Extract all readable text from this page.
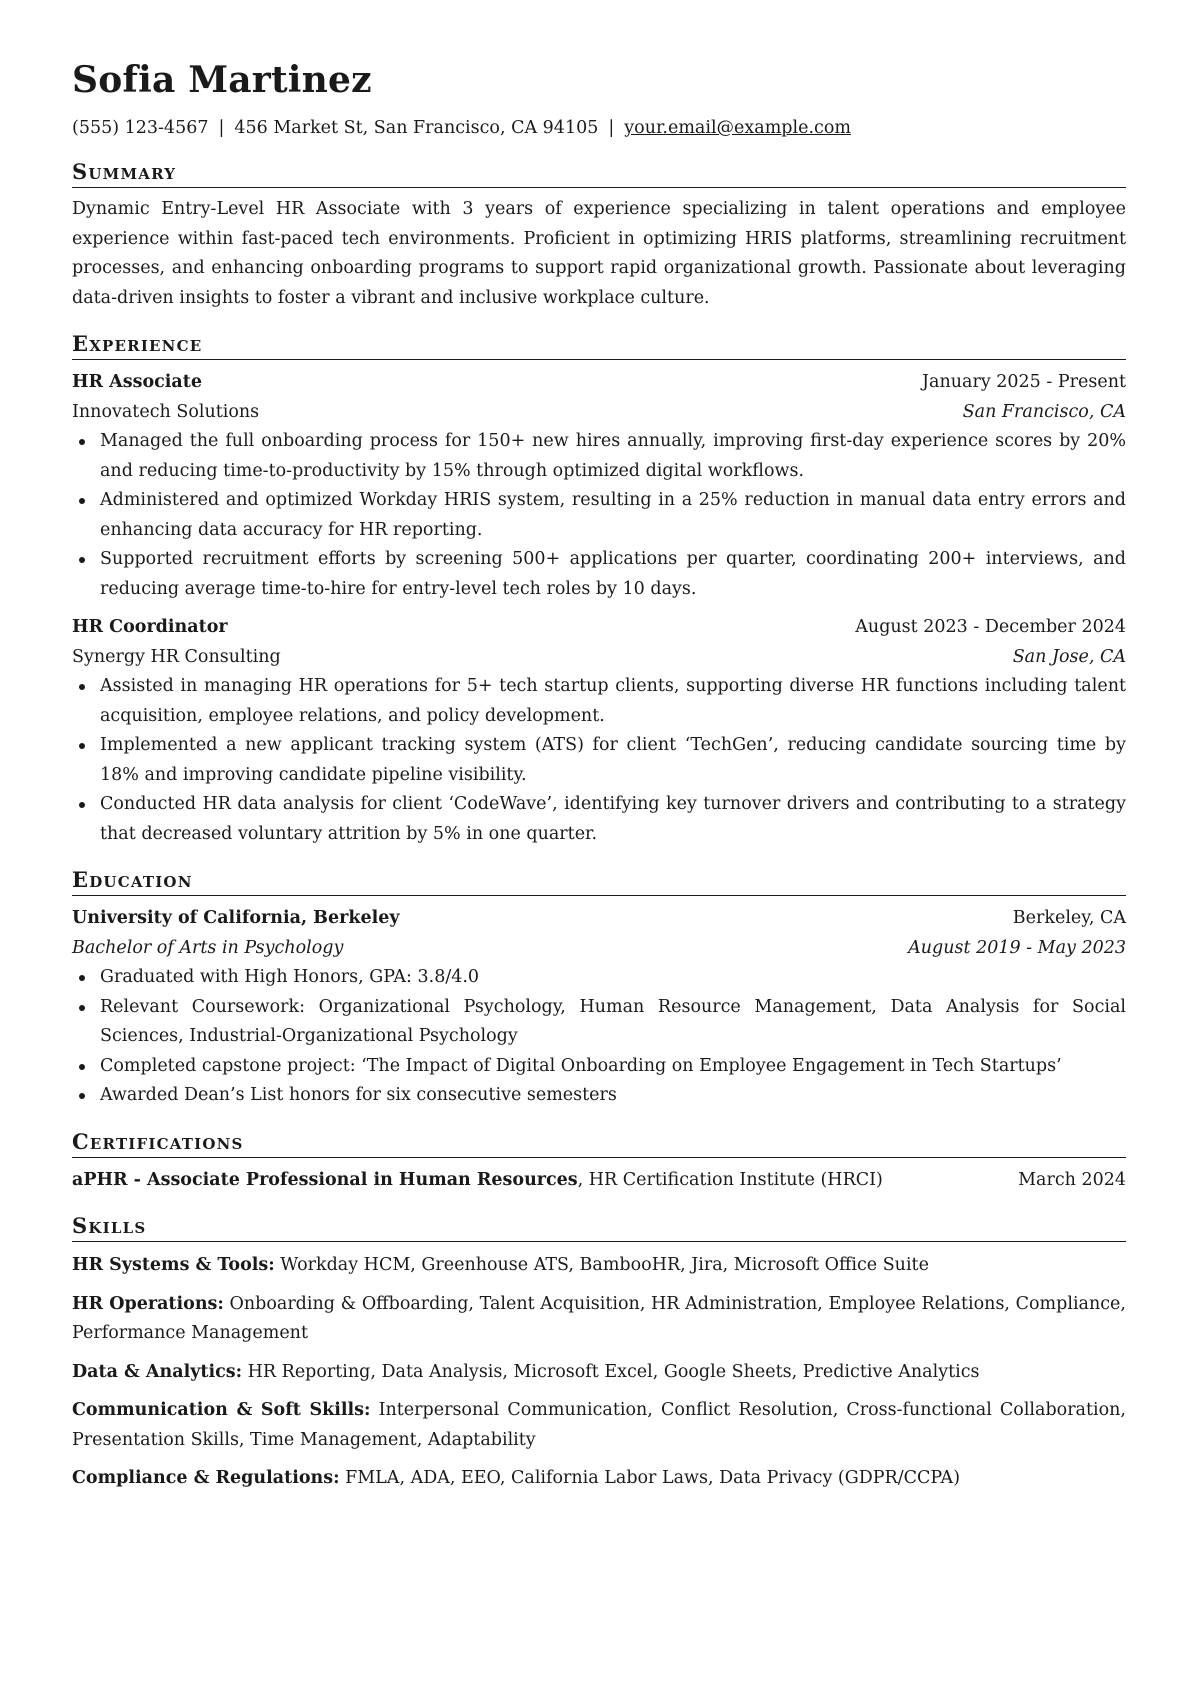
Sofia Martinez
(555) 123-4567 | 456 Market St, San Francisco, CA 94105 | your.email@example.com
Summary
Dynamic Entry-Level HR Associate with 3 years of experience specializing in talent operations and employee experience within fast-paced tech environments. Proficient in optimizing HRIS platforms, streamlining recruitment processes, and enhancing onboarding programs to support rapid organizational growth. Passionate about leveraging data-driven insights to foster a vibrant and inclusive workplace culture.
Experience
HR Associate	January 2025 - Present
Innovatech Solutions	San Francisco, CA
Managed the full onboarding process for 150+ new hires annually, improving first-day experience scores by 20% and reducing time-to-productivity by 15% through optimized digital workflows.
Administered and optimized Workday HRIS system, resulting in a 25% reduction in manual data entry errors and enhancing data accuracy for HR reporting.
Supported recruitment efforts by screening 500+ applications per quarter, coordinating 200+ interviews, and reducing average time-to-hire for entry-level tech roles by 10 days.
HR Coordinator	August 2023 - December 2024
Synergy HR Consulting	San Jose, CA
Assisted in managing HR operations for 5+ tech startup clients, supporting diverse HR functions including talent acquisition, employee relations, and policy development.
Implemented a new applicant tracking system (ATS) for client ‘TechGen’, reducing candidate sourcing time by 18% and improving candidate pipeline visibility.
Conducted HR data analysis for client ‘CodeWave’, identifying key turnover drivers and contributing to a strategy that decreased voluntary attrition by 5% in one quarter.
Education
University of California, Berkeley	Berkeley, CA
Bachelor of Arts in Psychology	August 2019 - May 2023
Graduated with High Honors, GPA: 3.8/4.0
Relevant Coursework: Organizational Psychology, Human Resource Management, Data Analysis for Social Sciences, Industrial-Organizational Psychology
Completed capstone project: ‘The Impact of Digital Onboarding on Employee Engagement in Tech Startups’
Awarded Dean’s List honors for six consecutive semesters
Certifications
aPHR - Associate Professional in Human Resources, HR Certification Institute (HRCI)	March 2024
Skills
HR Systems & Tools: Workday HCM, Greenhouse ATS, BambooHR, Jira, Microsoft Office Suite
HR Operations: Onboarding & Offboarding, Talent Acquisition, HR Administration, Employee Relations, Compliance, Performance Management
Data & Analytics: HR Reporting, Data Analysis, Microsoft Excel, Google Sheets, Predictive Analytics
Communication & Soft Skills: Interpersonal Communication, Conflict Resolution, Cross-functional Collaboration, Presentation Skills, Time Management, Adaptability
Compliance & Regulations: FMLA, ADA, EEO, California Labor Laws, Data Privacy (GDPR/CCPA)
